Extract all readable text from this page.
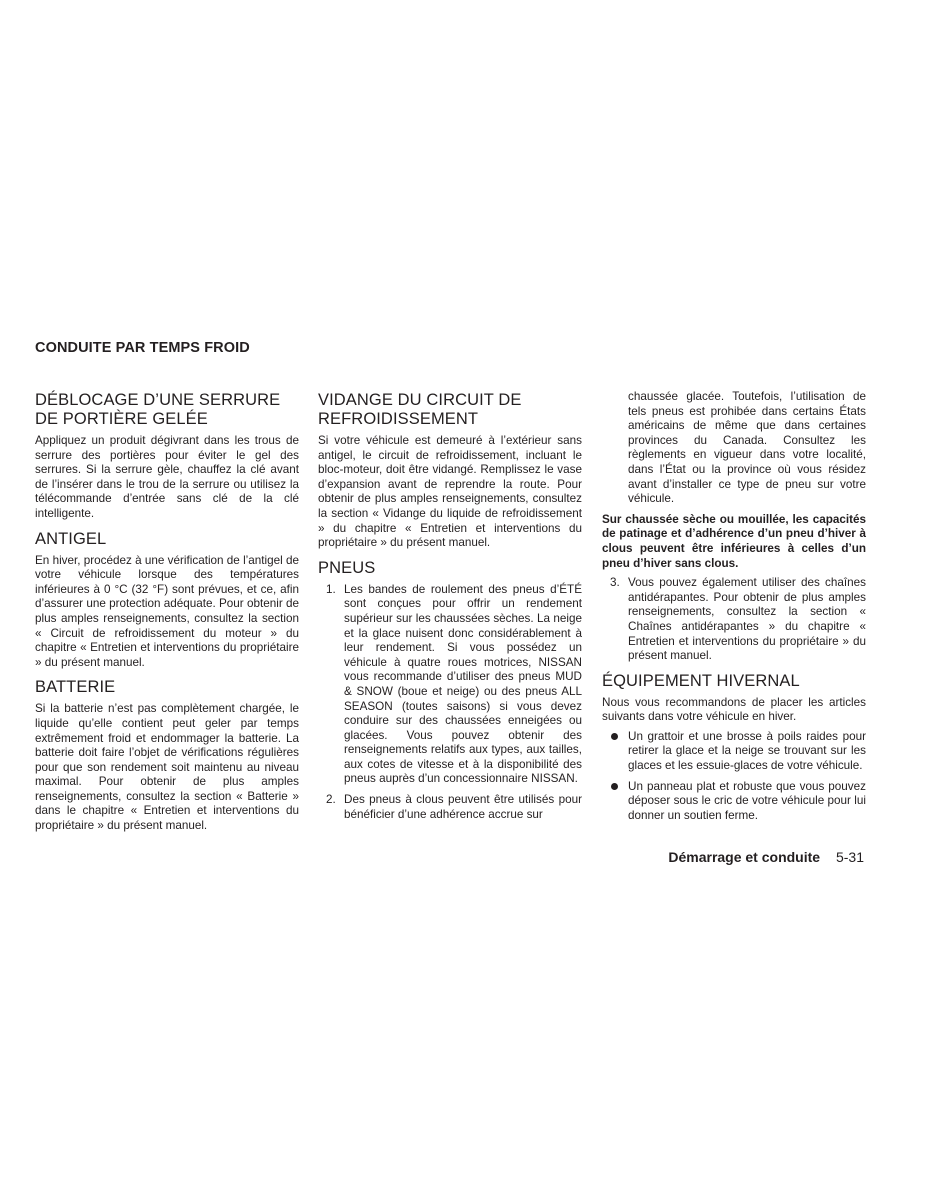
CONDUITE PAR TEMPS FROID
DÉBLOCAGE D’UNE SERRURE DE PORTIÈRE GELÉE

Appliquez un produit dégivrant dans les trous de serrure des portières pour éviter le gel des serrures. Si la serrure gèle, chauffez la clé avant de l’insérer dans le trou de la serrure ou utilisez la télécommande d’entrée sans clé de la clé intelligente.

ANTIGEL

En hiver, procédez à une vérification de l’antigel de votre véhicule lorsque des températures inférieures à 0 °C (32 °F) sont prévues, et ce, afin d’assurer une protection adéquate. Pour obtenir de plus amples renseignements, consultez la section « Circuit de refroidissement du moteur » du chapitre « Entretien et interventions du propriétaire » du présent manuel.

BATTERIE

Si la batterie n’est pas complètement chargée, le liquide qu’elle contient peut geler par temps extrêmement froid et endommager la batterie. La batterie doit faire l’objet de vérifications régulières pour que son rendement soit maintenu au niveau maximal. Pour obtenir de plus amples renseignements, consultez la section « Batterie » dans le chapitre « Entretien et interventions du propriétaire » du présent manuel.

VIDANGE DU CIRCUIT DE REFROIDISSEMENT

Si votre véhicule est demeuré à l’extérieur sans antigel, le circuit de refroidissement, incluant le bloc-moteur, doit être vidangé. Remplissez le vase d’expansion avant de reprendre la route. Pour obtenir de plus amples renseignements, consultez la section « Vidange du liquide de refroidissement » du chapitre « Entretien et interventions du propriétaire » du présent manuel.

PNEUS
1. Les bandes de roulement des pneus d’ÉTÉ sont conçues pour offrir un rendement supérieur sur les chaussées sèches. La neige et la glace nuisent donc considérablement à leur rendement. Si vous possédez un véhicule à quatre roues motrices, NISSAN vous recommande d’utiliser des pneus MUD & SNOW (boue et neige) ou des pneus ALL SEASON (toutes saisons) si vous devez conduire sur des chaussées enneigées ou glacées. Vous pouvez obtenir des renseignements relatifs aux types, aux tailles, aux cotes de vitesse et à la disponibilité des pneus auprès d’un concessionnaire NISSAN.
2. Des pneus à clous peuvent être utilisés pour bénéficier d’une adhérence accrue sur
chaussée glacée. Toutefois, l’utilisation de tels pneus est prohibée dans certains États américains de même que dans certaines provinces du Canada. Consultez les règlements en vigueur dans votre localité, dans l’État ou la province où vous résidez avant d’installer ce type de pneu sur votre véhicule.

Sur chaussée sèche ou mouillée, les capacités de patinage et d’adhérence d’un pneu d’hiver à clous peuvent être inférieures à celles d’un pneu d’hiver sans clous.

3. Vous pouvez également utiliser des chaînes antidérapantes. Pour obtenir de plus amples renseignements, consultez la section « Chaînes antidérapantes » du chapitre « Entretien et interventions du propriétaire » du présent manuel.
ÉQUIPEMENT HIVERNAL

Nous vous recommandons de placer les articles suivants dans votre véhicule en hiver.

Un grattoir et une brosse à poils raides pour retirer la glace et la neige se trouvant sur les glaces et les essuie-glaces de votre véhicule.
Un panneau plat et robuste que vous pouvez déposer sous le cric de votre véhicule pour lui donner un soutien ferme.
Démarrage et conduite 5-31
